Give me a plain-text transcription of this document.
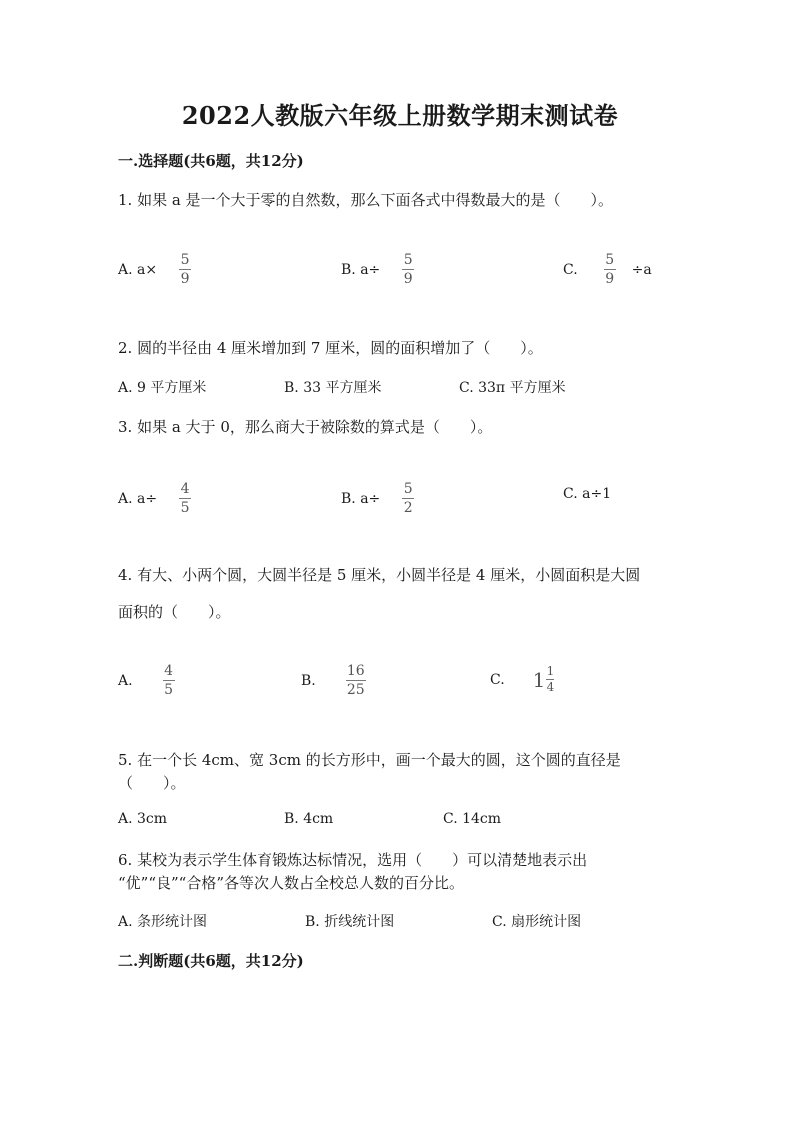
2022人教版六年级上册数学期末测试卷
一.选择题(共6题，共12分)
1. 如果 a 是一个大于零的自然数，那么下面各式中得数最大的是（　　）。
A. $a\times \frac{5}{9}$	B. $a\div \frac{5}{9}$	C. $\frac{5}{9} \div a$
2. 圆的半径由 4 厘米增加到 7 厘米，圆的面积增加了（　　）。
A. 9 平方厘米	B. 33 平方厘米	C. 33π 平方厘米
3. 如果 a 大于 0，那么商大于被除数的算式是（　　）。
A. $a\div \frac{4}{5}$	B. $a\div \frac{5}{2}$	C. a÷1
4. 有大、小两个圆，大圆半径是 5 厘米，小圆半径是 4 厘米，小圆面积是大圆
面积的（　　）。
A. $\frac{4}{5}$	B. $\frac{16}{25}$	C. $1 \frac{1}{4}$
5. 在一个长 4cm、宽 3cm 的长方形中，画一个最大的圆，这个圆的直径是
（　　）。
A. 3cm	B. 4cm	C. 14cm
6. 某校为表示学生体育锻炼达标情况，选用（　　）可以清楚地表示出
“优”“良”“合格”各等次人数占全校总人数的百分比。
A. 条形统计图	B. 折线统计图	C. 扇形统计图
二.判断题(共6题，共12分)
